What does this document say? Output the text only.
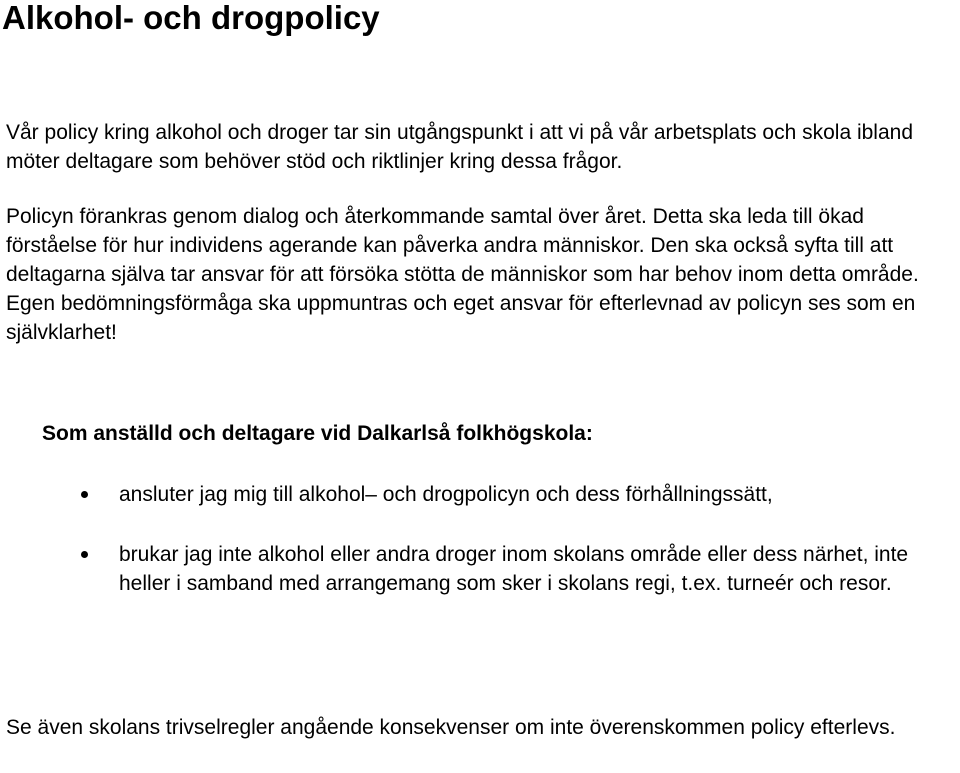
Alkohol- och drogpolicy

Vår policy kring alkohol och droger tar sin utgångspunkt i att vi på vår arbetsplats och skola ibland möter deltagare som behöver stöd och riktlinjer kring dessa frågor.

Policyn förankras genom dialog och återkommande samtal över året. Detta ska leda till ökad förståelse för hur individens agerande kan påverka andra människor. Den ska också syfta till att deltagarna själva tar ansvar för att försöka stötta de människor som har behov inom detta område. Egen bedömningsförmåga ska uppmuntras och eget ansvar för efterlevnad av policyn ses som en självklarhet!

Som anställd och deltagare vid Dalkarlså folkhögskola:
ansluter jag mig till alkohol– och drogpolicyn och dess förhållningssätt,
brukar jag inte alkohol eller andra droger inom skolans område eller dess närhet, inte heller i samband med arrangemang som sker i skolans regi, t.ex. turneér och resor.

Se även skolans trivselregler angående konsekvenser om inte överenskommen policy efterlevs.
